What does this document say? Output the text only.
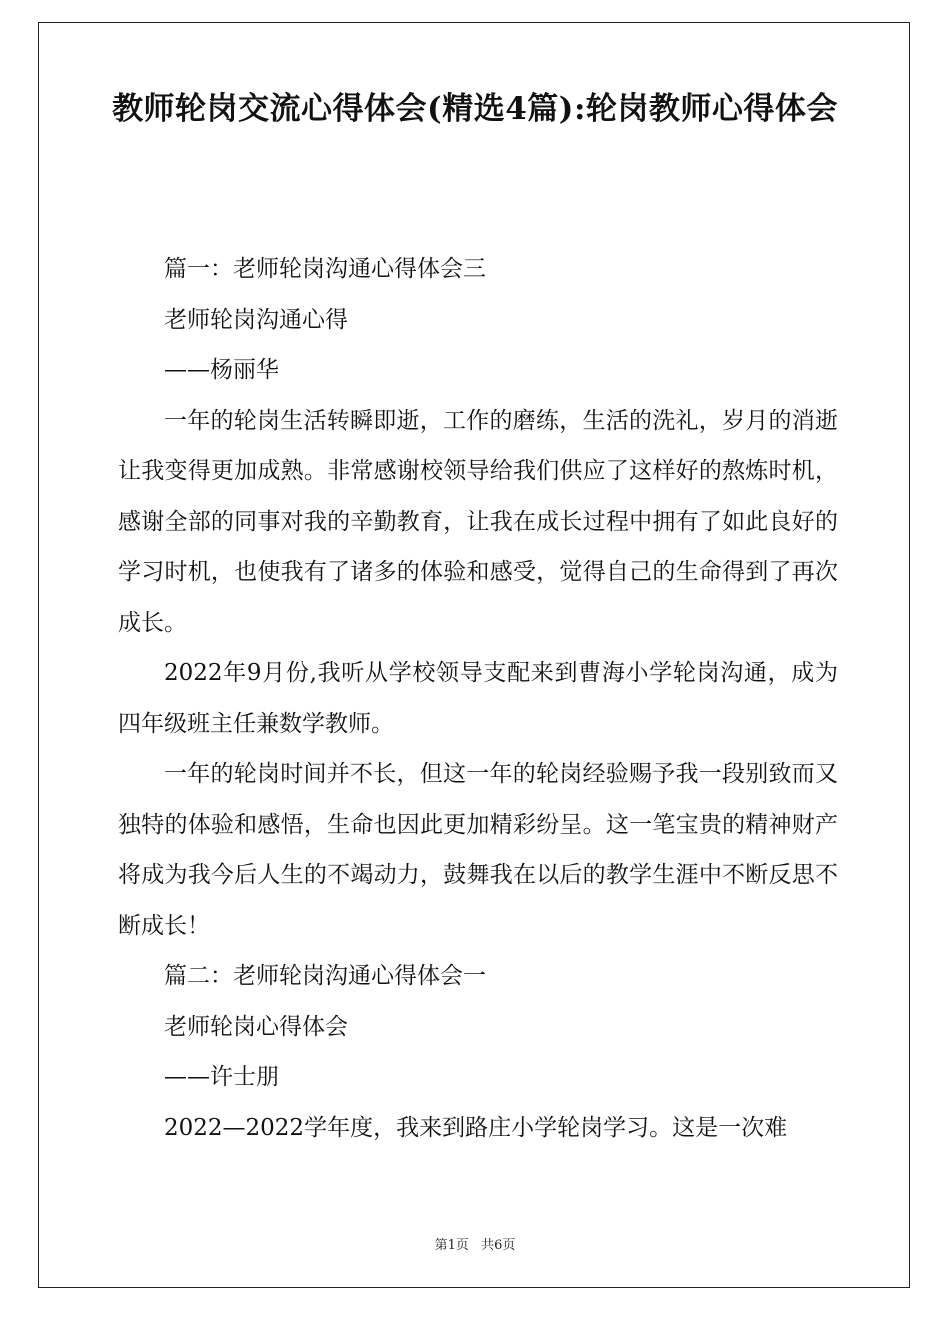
教师轮岗交流心得体会(精选4篇):轮岗教师心得体会

篇一：老师轮岗沟通心得体会三

老师轮岗沟通心得

——杨丽华

一年的轮岗生活转瞬即逝，工作的磨练，生活的洗礼，岁月的消逝让我变得更加成熟。非常感谢校领导给我们供应了这样好的熬炼时机，感谢全部的同事对我的辛勤教育，让我在成长过程中拥有了如此良好的学习时机，也使我有了诸多的体验和感受，觉得自己的生命得到了再次成长。

2022年9月份,我听从学校领导支配来到曹海小学轮岗沟通，成为四年级班主任兼数学教师。

一年的轮岗时间并不长，但这一年的轮岗经验赐予我一段别致而又独特的体验和感悟，生命也因此更加精彩纷呈。这一笔宝贵的精神财产将成为我今后人生的不竭动力，鼓舞我在以后的教学生涯中不断反思不断成长！

篇二：老师轮岗沟通心得体会一

老师轮岗心得体会

——许士朋

2022—2022学年度，我来到路庄小学轮岗学习。这是一次难

第1页 共6页
